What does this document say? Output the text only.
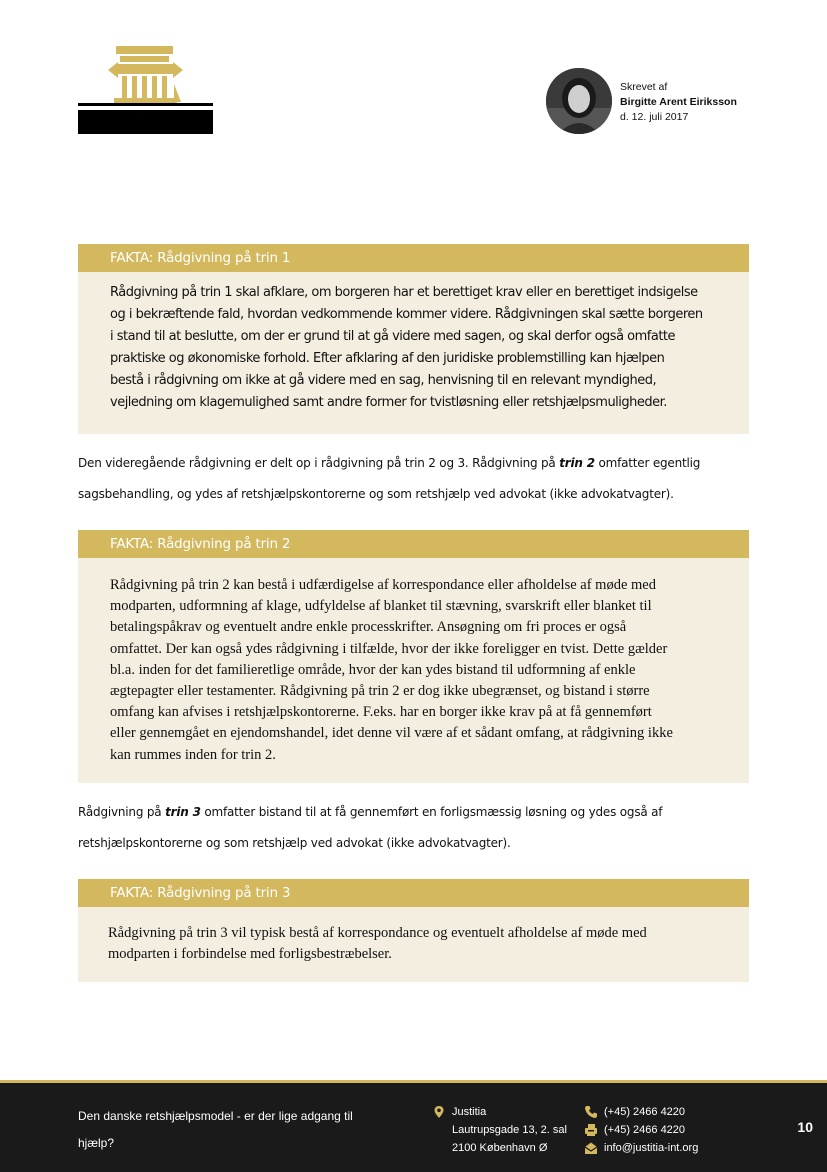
Skrevet af
Birgitte Arent Eiriksson
d. 12. juli 2017
FAKTA: Rådgivning på trin 1
Rådgivning på trin 1 skal afklare, om borgeren har et berettiget krav eller en berettiget indsigelse
og i bekræftende fald, hvordan vedkommende kommer videre. Rådgivningen skal sætte borgeren
i stand til at beslutte, om der er grund til at gå videre med sagen, og skal derfor også omfatte
praktiske og økonomiske forhold. Efter afklaring af den juridiske problemstilling kan hjælpen
bestå i rådgivning om ikke at gå videre med en sag, henvisning til en relevant myndighed,
vejledning om klagemulighed samt andre former for tvistløsning eller retshjælpsmuligheder.
Den videregående rådgivning er delt op i rådgivning på trin 2 og 3. Rådgivning på trin 2 omfatter egentlig
sagsbehandling, og ydes af retshjælpskontorerne og som retshjælp ved advokat (ikke advokatvagter).
FAKTA: Rådgivning på trin 2
Rådgivning på trin 2 kan bestå i udfærdigelse af korrespondance eller afholdelse af møde med
modparten, udformning af klage, udfyldelse af blanket til stævning, svarskrift eller blanket til
betalingspåkrav og eventuelt andre enkle processkrifter. Ansøgning om fri proces er også
omfattet. Der kan også ydes rådgivning i tilfælde, hvor der ikke foreligger en tvist. Dette gælder
bl.a. inden for det familieretlige område, hvor der kan ydes bistand til udformning af enkle
ægtepagter eller testamenter. Rådgivning på trin 2 er dog ikke ubegrænset, og bistand i større
omfang kan afvises i retshjælpskontorerne. F.eks. har en borger ikke krav på at få gennemført
eller gennemgået en ejendomshandel, idet denne vil være af et sådant omfang, at rådgivning ikke
kan rummes inden for trin 2.
Rådgivning på trin 3 omfatter bistand til at få gennemført en forligsmæssig løsning og ydes også af
retshjælpskontorerne og som retshjælp ved advokat (ikke advokatvagter).
FAKTA: Rådgivning på trin 3
Rådgivning på trin 3 vil typisk bestå af korrespondance og eventuelt afholdelse af møde med
modparten i forbindelse med forligsbestræbelser.
Den danske retshjælpsmodel - er der lige adgang til hjælp?
Justitia
Lautrupsgade 13, 2. sal
2100 København Ø
(+45) 2466 4220
(+45) 2466 4220
info@justitia-int.org
10
